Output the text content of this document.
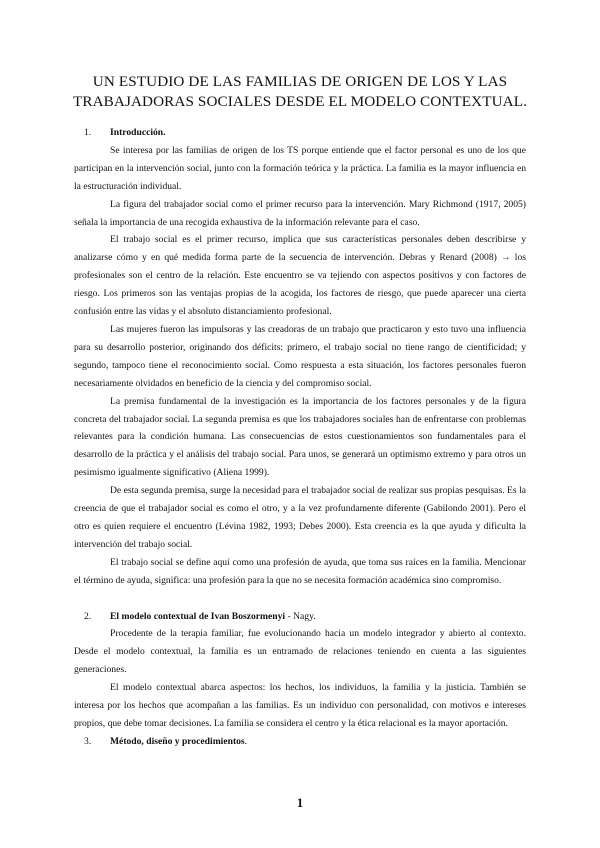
UN ESTUDIO DE LAS FAMILIAS DE ORIGEN DE LOS Y LAS
TRABAJADORAS SOCIALES DESDE EL MODELO CONTEXTUAL.
1. Introducción.

Se interesa por las familias de origen de los TS porque entiende que el factor personal es uno de los que participan en la intervención social, junto con la formación teórica y la práctica. La familia es la mayor influencia en la estructuración individual.

La figura del trabajador social como el primer recurso para la intervención. Mary Richmond (1917, 2005) señala la importancia de una recogida exhaustiva de la información relevante para el caso.

El trabajo social es el primer recurso, implica que sus características personales deben describirse y analizarse cómo y en qué medida forma parte de la secuencia de intervención. Debras y Renard (2008) → los profesionales son el centro de la relación. Este encuentro se va tejiendo con aspectos positivos y con factores de riesgo. Los primeros son las ventajas propias de la acogida, los factores de riesgo, que puede aparecer una cierta confusión entre las vidas y el absoluto distanciamiento profesional.

Las mujeres fueron las impulsoras y las creadoras de un trabajo que practicaron y esto tuvo una influencia para su desarrollo posterior, originando dos déficits: primero, el trabajo social no tiene rango de cientificidad; y segundo, tampoco tiene el reconocimiento social. Como respuesta a esta situación, los factores personales fueron necesariamente olvidados en beneficio de la ciencia y del compromiso social.

La premisa fundamental de la investigación es la importancia de los factores personales y de la figura concreta del trabajador social. La segunda premisa es que los trabajadores sociales han de enfrentarse con problemas relevantes para la condición humana. Las consecuencias de estos cuestionamientos son fundamentales para el desarrollo de la práctica y el análisis del trabajo social. Para unos, se generará un optimismo extremo y para otros un pesimismo igualmente significativo (Aliena 1999).

De esta segunda premisa, surge la necesidad para el trabajador social de realizar sus propias pesquisas. Es la creencia de que el trabajador social es como el otro, y a la vez profundamente diferente (Gabilondo 2001). Pero el otro es quien requiere el encuentro (Lévina 1982, 1993; Debes 2000). Esta creencia es la que ayuda y dificulta la intervención del trabajo social.

El trabajo social se define aquí como una profesión de ayuda, que toma sus raíces en la familia. Mencionar el término de ayuda, significa: una profesión para la que no se necesita formación académica sino compromiso.

2. El modelo contextual de Ivan Boszormenyi - Nagy.

Procedente de la terapia familiar, fue evolucionando hacia un modelo integrador y abierto al contexto. Desde el modelo contextual, la familia es un entramado de relaciones teniendo en cuenta a las siguientes generaciones.

El modelo contextual abarca aspectos: los hechos, los individuos, la familia y la justicia. También se interesa por los hechos que acompañan a las familias. Es un individuo con personalidad, con motivos e intereses propios, que debe tomar decisiones. La familia se considera el centro y la ética relacional es la mayor aportación.

3. Método, diseño y procedimientos.
1
